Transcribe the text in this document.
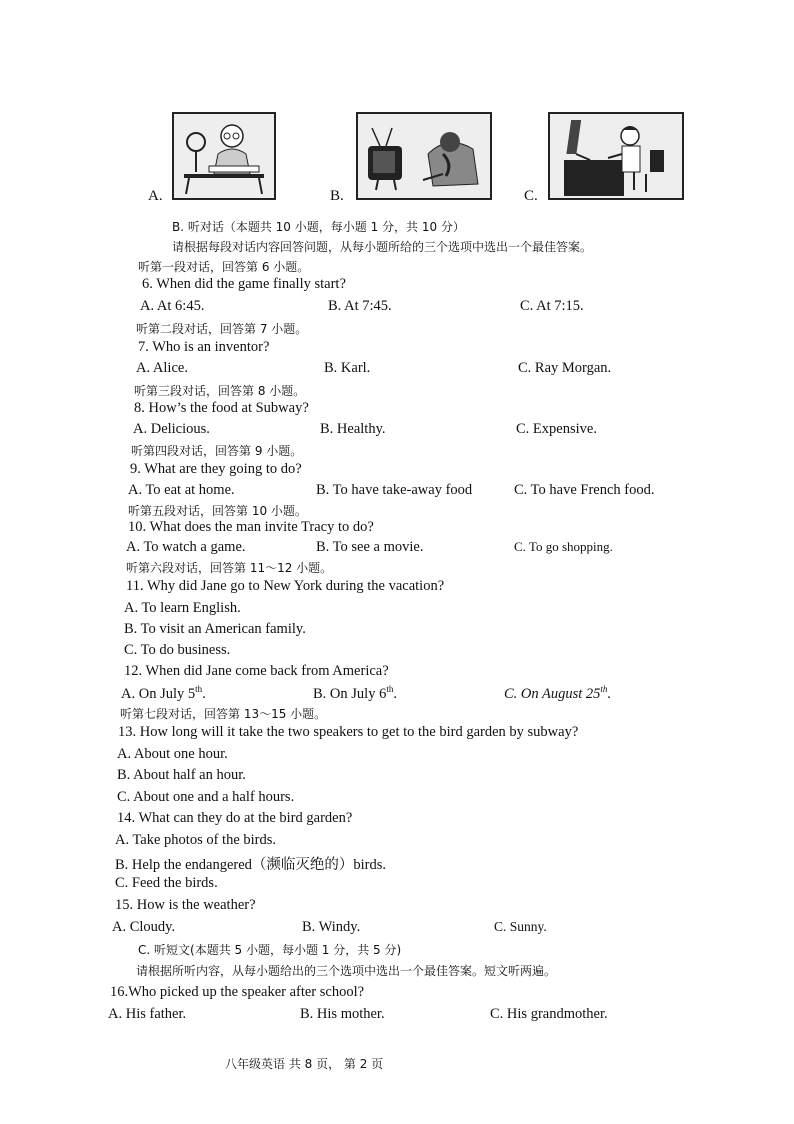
A.	B.	C.
B. 听对话（本题共 10 小题，每小题 1 分，共 10 分）
请根据每段对话内容回答问题，从每小题所给的三个选项中选出一个最佳答案。
听第一段对话，回答第 6 小题。
6. When did the game finally start?
A. At 6:45.	B. At 7:45.	C. At 7:15.
听第二段对话，回答第 7 小题。
7. Who is an inventor?
A. Alice.	B. Karl.	C. Ray Morgan.
听第三段对话，回答第 8 小题。
8. How’s the food at Subway?
A. Delicious.	B. Healthy.	C. Expensive.
听第四段对话，回答第 9 小题。
9. What are they going to do?
A. To eat at home.	B. To have take-away food	C. To have French food.
听第五段对话，回答第 10 小题。
10. What does the man invite Tracy to do?
A. To watch a game.	B. To see a movie.	C. To go shopping.
听第六段对话，回答第 11～12 小题。
11. Why did Jane go to New York during the vacation?
A. To learn English.
B. To visit an American family.
C. To do business.
12. When did Jane come back from America?
A. On July 5th.	B. On July 6th.	C. On August 25th.
听第七段对话，回答第 13～15 小题。
13. How long will it take the two speakers to get to the bird garden by subway?
A. About one hour.
B. About half an hour.
C. About one and a half hours.
14. What can they do at the bird garden?
A. Take photos of the birds.
B. Help the endangered（濒临灭绝的）birds.
C. Feed the birds.
15. How is the weather?
A. Cloudy.	B. Windy.	C. Sunny.
C. 听短文(本题共 5 小题，每小题 1 分，共 5 分)
请根据所听内容，从每小题给出的三个选项中选出一个最佳答案。短文听两遍。
16.Who picked up the speaker after school?
A. His father.	B. His mother.	C. His grandmother.
八年级英语 共 8 页， 第 2 页
